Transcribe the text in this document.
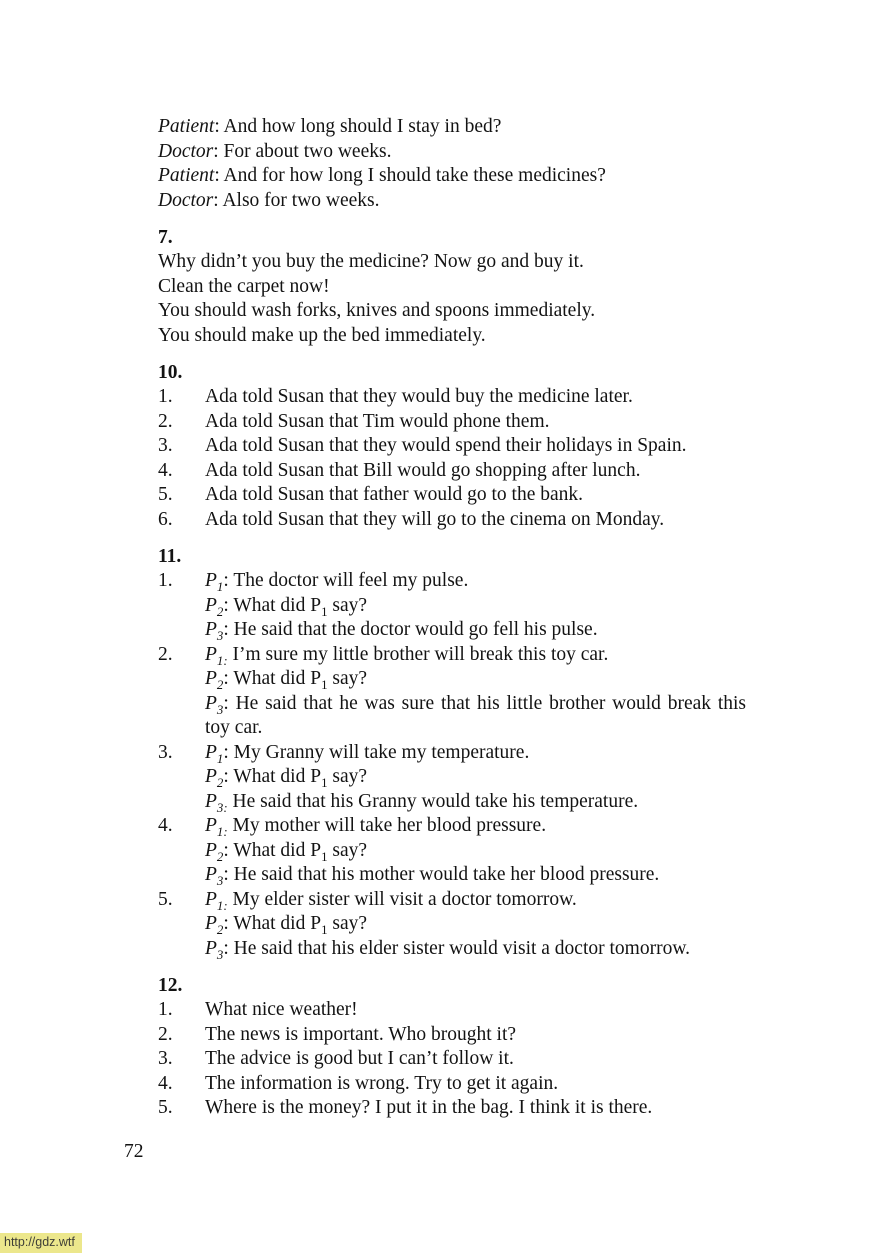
Patient: And how long should I stay in bed?

Doctor: For about two weeks.

Patient: And for how long I should take these medicines?

Doctor: Also for two weeks.

7.

Why didn’t you buy the medicine? Now go and buy it.

Clean the carpet now!

You should wash forks, knives and spoons immediately.

You should make up the bed immediately.

10.
1.	Ada told Susan that they would buy the medicine later.
2.	Ada told Susan that Tim would phone them.
3.	Ada told Susan that they would spend their holidays in Spain.
4.	Ada told Susan that Bill would go shopping after lunch.
5.	Ada told Susan that father would go to the bank.
6.	Ada told Susan that they will go to the cinema on Monday.
11.
1.	$P_1$: The doctor will feel my pulse.

$P_2$: What did $P_1$ say?

$P_3$: He said that the doctor would go fell his pulse.

2.	$P_{1:}$ I’m sure my little brother will break this toy car.

$P_2$: What did $P_1$ say?

$P_3$: He said that he was sure that his little brother would break this toy car.

3.	$P_1$: My Granny will take my temperature.

$P_2$: What did $P_1$ say?

$P_{3:}$ He said that his Granny would take his temperature.

4.	$P_{1:}$ My mother will take her blood pressure.

$P_2$: What did $P_1$ say?

$P_3$: He said that his mother would take her blood pressure.

5.	$P_{1:}$ My elder sister will visit a doctor tomorrow.

$P_2$: What did $P_1$ say?

$P_3$: He said that his elder sister would visit a doctor tomorrow.

12.
1.	What nice weather!
2.	The news is important. Who brought it?
3.	The advice is good but I can’t follow it.
4.	The information is wrong. Try to get it again.
5.	Where is the money? I put it in the bag. I think it is there.
72
http://gdz.wtf
